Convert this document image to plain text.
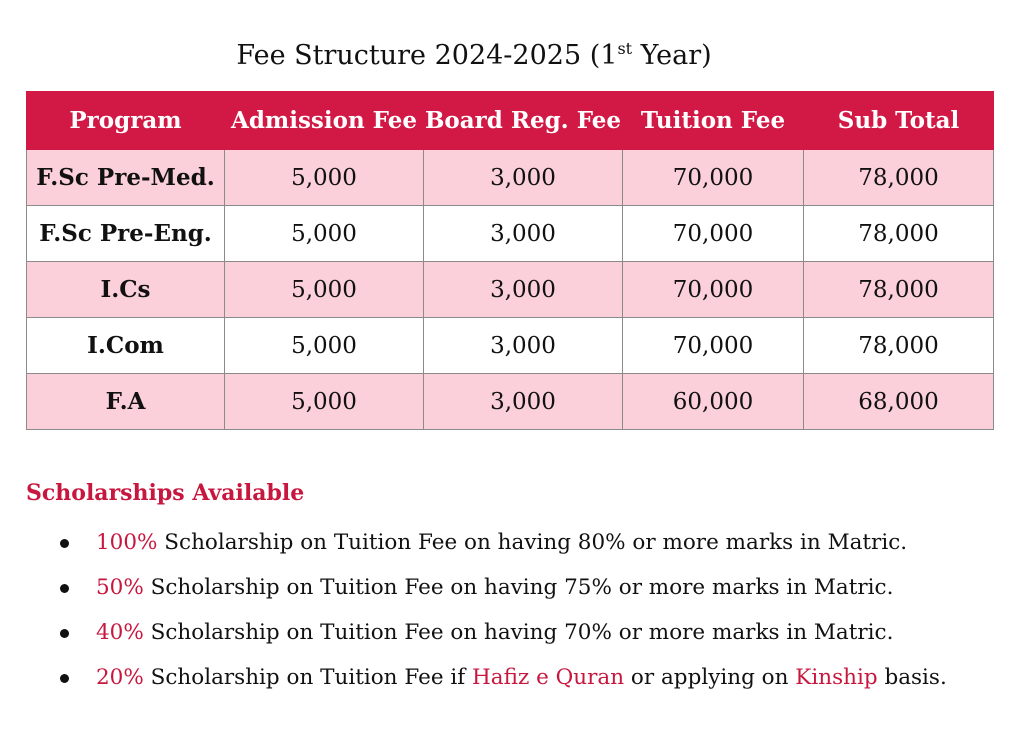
Fee Structure 2024-2025 (1st Year)
Program	Admission Fee	Board Reg. Fee	Tuition Fee	Sub Total
F.Sc Pre-Med.	5,000	3,000	70,000	78,000
F.Sc Pre-Eng.	5,000	3,000	70,000	78,000
I.Cs	5,000	3,000	70,000	78,000
I.Com	5,000	3,000	70,000	78,000
F.A	5,000	3,000	60,000	68,000
Scholarships Available
100% Scholarship on Tuition Fee on having 80% or more marks in Matric.
50% Scholarship on Tuition Fee on having 75% or more marks in Matric.
40% Scholarship on Tuition Fee on having 70% or more marks in Matric.
20% Scholarship on Tuition Fee if Hafiz e Quran or applying on Kinship basis.
